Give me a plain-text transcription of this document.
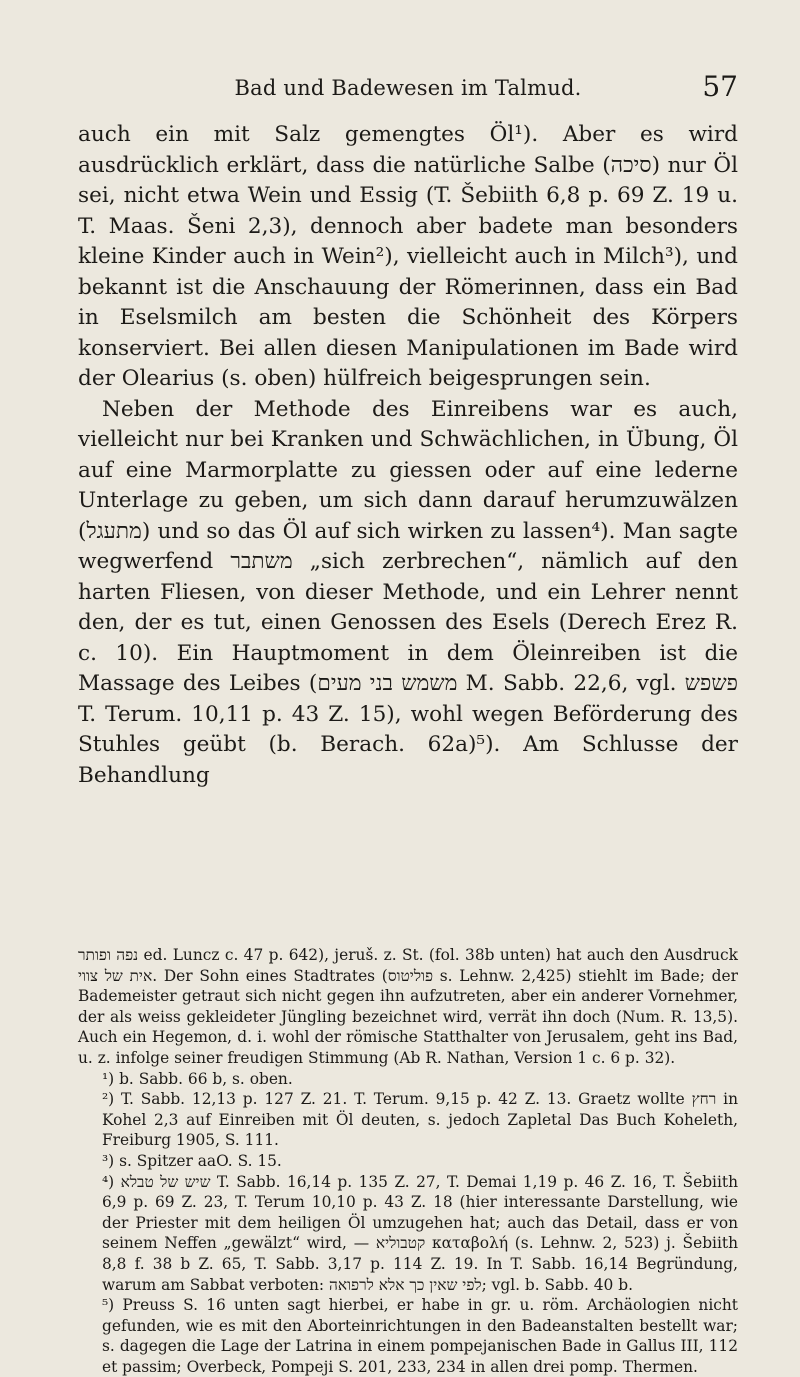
Bad und Badewesen im Talmud.	57

auch ein mit Salz gemengtes Öl¹). Aber es wird ausdrücklich erklärt, dass die natürliche Salbe (סיכה) nur Öl sei, nicht etwa Wein und Essig (T. Šebiith 6,8 p. 69 Z. 19 u. T. Maas. Šeni 2,3), dennoch aber badete man besonders kleine Kinder auch in Wein²), vielleicht auch in Milch³), und bekannt ist die Anschauung der Römerinnen, dass ein Bad in Eselsmilch am besten die Schönheit des Körpers konserviert. Bei allen diesen Manipulationen im Bade wird der Olearius (s. oben) hülfreich beigesprungen sein.

Neben der Methode des Einreibens war es auch, vielleicht nur bei Kranken und Schwächlichen, in Übung, Öl auf eine Marmorplatte zu giessen oder auf eine lederne Unterlage zu geben, um sich dann darauf herumzuwälzen (מתעגל) und so das Öl auf sich wirken zu lassen⁴). Man sagte wegwerfend משתבר „sich zerbrechen“, nämlich auf den harten Fliesen, von dieser Methode, und ein Lehrer nennt den, der es tut, einen Genossen des Esels (Derech Erez R. c. 10). Ein Hauptmoment in dem Öleinreiben ist die Massage des Leibes (משמש בני מעים M. Sabb. 22,6, vgl. פשפש T. Terum. 10,11 p. 43 Z. 15), wohl wegen Beförderung des Stuhles geübt (b. Berach. 62a)⁵). Am Schlusse der Behandlung

נפה ופותר ed. Luncz c. 47 p. 642), jeruš. z. St. (fol. 38b unten) hat auch den Ausdruck אית של צווי. Der Sohn eines Stadtrates (פוליטוס s. Lehnw. 2,425) stiehlt im Bade; der Bademeister getraut sich nicht gegen ihn aufzutreten, aber ein anderer Vornehmer, der als weiss gekleideter Jüngling bezeichnet wird, verrät ihn doch (Num. R. 13,5). Auch ein Hegemon, d. i. wohl der römische Statthalter von Jerusalem, geht ins Bad, u. z. infolge seiner freudigen Stimmung (Ab R. Nathan, Version 1 c. 6 p. 32).

¹) b. Sabb. 66 b, s. oben.

²) T. Sabb. 12,13 p. 127 Z. 21. T. Terum. 9,15 p. 42 Z. 13. Graetz wollte רחץ in Kohel 2,3 auf Einreiben mit Öl deuten, s. jedoch Zapletal Das Buch Koheleth, Freiburg 1905, S. 111.

³) s. Spitzer aaO. S. 15.

⁴) שיש של טבלא T. Sabb. 16,14 p. 135 Z. 27, T. Demai 1,19 p. 46 Z. 16, T. Šebiith 6,9 p. 69 Z. 23, T. Terum 10,10 p. 43 Z. 18 (hier interessante Darstellung, wie der Priester mit dem heiligen Öl umzugehen hat; auch das Detail, dass er von seinem Neffen „gewälzt“ wird, — קטבוליא καταβολή (s. Lehnw. 2, 523) j. Šebiith 8,8 f. 38 b Z. 65, T. Sabb. 3,17 p. 114 Z. 19. In T. Sabb. 16,14 Begründung, warum am Sabbat verboten: לפי שאין כך אלא לרפואה; vgl. b. Sabb. 40 b.

⁵) Preuss S. 16 unten sagt hierbei, er habe in gr. u. röm. Archäologien nicht gefunden, wie es mit den Aborteinrichtungen in den Badeanstalten bestellt war; s. dagegen die Lage der Latrina in einem pompejanischen Bade in Gallus III, 112 et passim; Overbeck, Pompeji S. 201, 233, 234 in allen drei pomp. Thermen.
